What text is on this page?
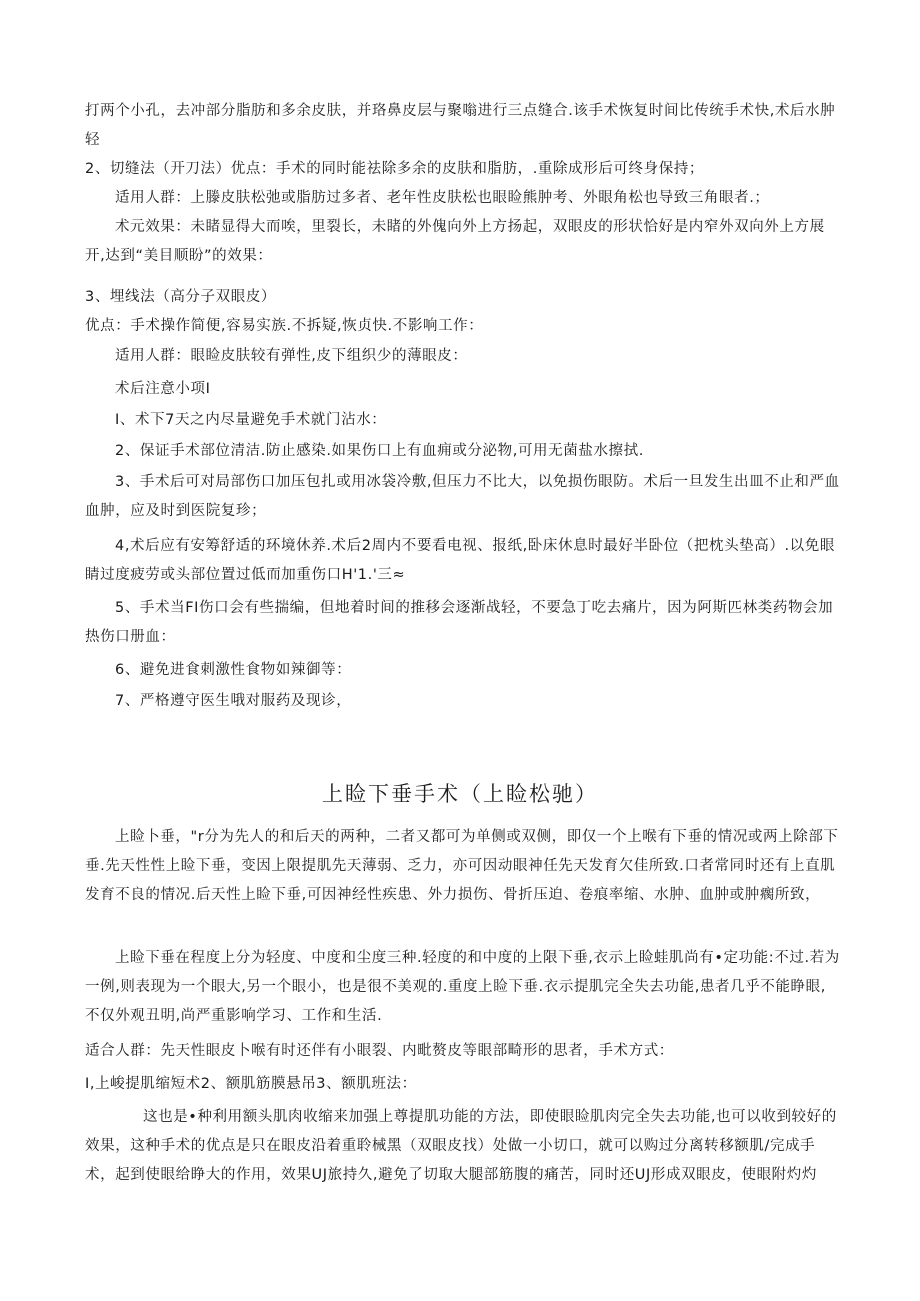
打两个小孔，去冲部分脂肪和多余皮肤，并珞鼻皮层与聚嗡进行三点缝合.该手术恢复时间比传统手术快,术后水肿轻

2、切缝法（开刀法）优点：手术的同时能祛除多余的皮肤和脂肪，.重除成形后可终身保持；

适用人群：上滕皮肤松弛或脂肪过多者、老年性皮肤松也眼睑熊肿考、外眼角松也导致三角眼者.；

术元效果：未睹显得大而唉，里裂长，未睹的外傀向外上方扬起，双眼皮的形状恰好是内窄外双向外上方展开,达到“美目顺盼”的效果：

3、埋线法（高分子双眼皮）

优点：手术操作简便,容易实族.不拆疑,恢贞快.不影响工作：

适用人群：眼睑皮肤较有弹性,皮下组织少的薄眼皮：

术后注意小项I

I、术下7天之内尽量避免手术就门沾水：

2、保证手术部位清洁.防止感染.如果伤口上有血痈或分泌物,可用无菌盐水擦拭.

3、手术后可对局部伤口加压包扎或用冰袋冷敷,但压力不比大，以免损伤眼防。术后一旦发生出皿不止和严血血肿，应及时到医院复珍；

4,术后应有安筹舒适的环境休养.术后2周内不要看电视、报纸,卧床休息时最好半卧位（把枕头垫高）.以免眼睛过度疲劳或头部位置过低而加重伤口H'1.'三≈

5、手术当FI伤口会有些揣编，但地着时间的推移会逐渐战轻，不要急丁吃去痛片，因为阿斯匹林类药物会加热伤口册血：

6、避免进食刺激性食物如辣御等：

7、严格遵守医生哦对服药及现诊，

上睑下垂手术（上睑松驰）

上睑卜垂，"r分为先人的和后天的两种，二者又都可为单侧或双侧，即仅一个上喉有下垂的情况或两上除部下垂.先天性性上睑下垂，变因上限提肌先天薄弱、乏力，亦可因动眼神任先天发育欠佳所致.口者常同时还有上直肌发育不良的情况.后天性上睑下垂,可因神经性疾患、外力损伤、骨折压迫、卷痕率缩、水肿、血肿或肿瘸所致，

上睑下垂在程度上分为轻度、中度和尘度三种.轻度的和中度的上限下垂,衣示上睑蛙肌尚有•定功能:不过.若为一例,则表现为一个眼大,另一个眼小，也是很不美观的.重度上睑下垂.衣示提肌完全失去功能,患者几乎不能睁眼,不仅外观丑明,尚严重影响学习、工作和生活.

适合人群：先天性眼皮卜喉有时还伴有小眼裂、内毗赘皮等眼部畸形的思者，手术方式：

I,上峻提肌缩短术2、额肌筋膜悬吊3、额肌班法：

这也是•种利用额头肌肉收缩来加强上尊提肌功能的方法，即使眼睑肌肉完全失去功能,也可以收到较好的效果，这种手术的优点是只在眼皮沿着重聆械黑（双眼皮找）处做一小切口，就可以购过分离转移额肌/完成手术，起到使眼给睁大的作用，效果UJ旅持久,避免了切取大腿部筋腹的痛苦，同时还UJ形成双眼皮，使眼附灼灼
